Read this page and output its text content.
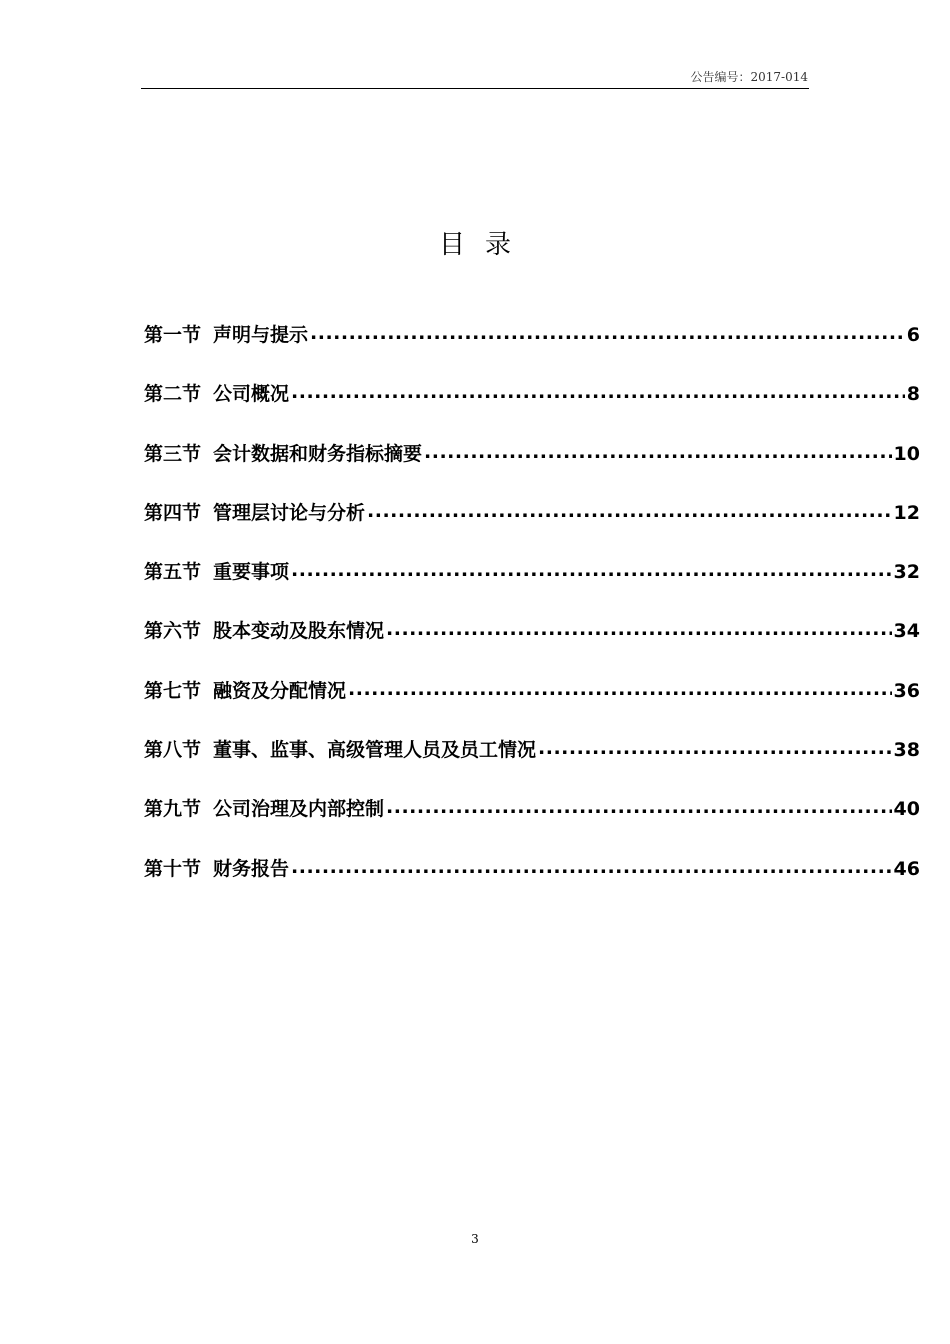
公告编号：2017-014
目录
第一节 声明与提示 .....	6
第二节 公司概况 .....	8
第三节 会计数据和财务指标摘要 .....	10
第四节 管理层讨论与分析 .....	12
第五节 重要事项 .....	32
第六节 股本变动及股东情况 .....	34
第七节 融资及分配情况 .....	36
第八节 董事、监事、高级管理人员及员工情况 .....	38
第九节 公司治理及内部控制 .....	40
第十节 财务报告 .....	46
3
